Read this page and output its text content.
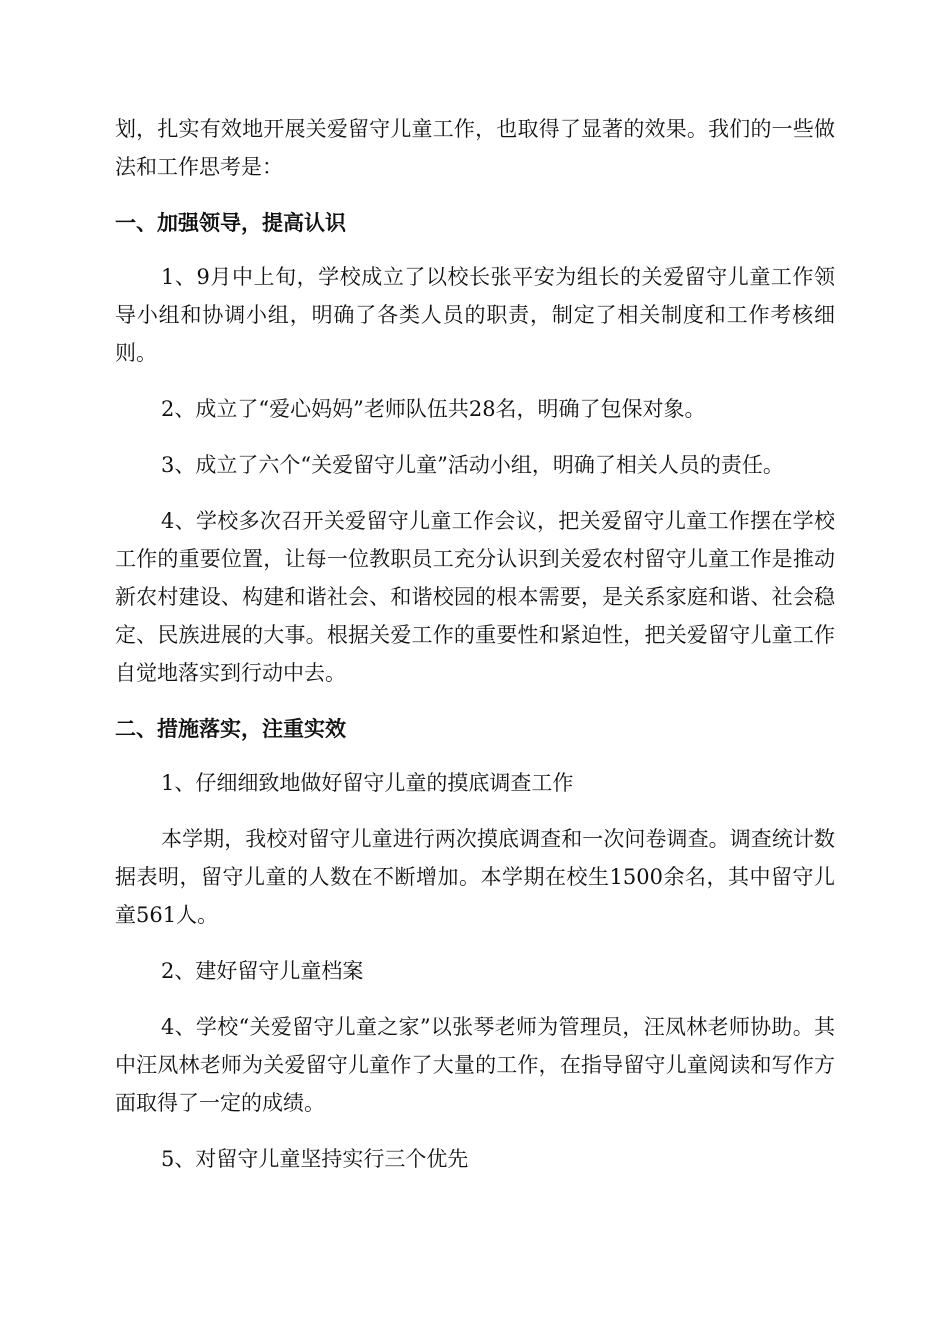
划，扎实有效地开展关爱留守儿童工作，也取得了显著的效果。我们的一些做法和工作思考是：

一、加强领导，提高认识

1、9月中上旬，学校成立了以校长张平安为组长的关爱留守儿童工作领导小组和协调小组，明确了各类人员的职责，制定了相关制度和工作考核细则。

2、成立了“爱心妈妈”老师队伍共28名，明确了包保对象。

3、成立了六个“关爱留守儿童”活动小组，明确了相关人员的责任。

4、学校多次召开关爱留守儿童工作会议，把关爱留守儿童工作摆在学校工作的重要位置，让每一位教职员工充分认识到关爱农村留守儿童工作是推动新农村建设、构建和谐社会、和谐校园的根本需要，是关系家庭和谐、社会稳定、民族进展的大事。根据关爱工作的重要性和紧迫性，把关爱留守儿童工作自觉地落实到行动中去。

二、措施落实，注重实效

1、仔细细致地做好留守儿童的摸底调查工作

本学期，我校对留守儿童进行两次摸底调查和一次问卷调查。调查统计数据表明，留守儿童的人数在不断增加。本学期在校生1500余名，其中留守儿童561人。

2、建好留守儿童档案

4、学校“关爱留守儿童之家”以张琴老师为管理员，汪凤林老师协助。其中汪凤林老师为关爱留守儿童作了大量的工作，在指导留守儿童阅读和写作方面取得了一定的成绩。

5、对留守儿童坚持实行三个优先
